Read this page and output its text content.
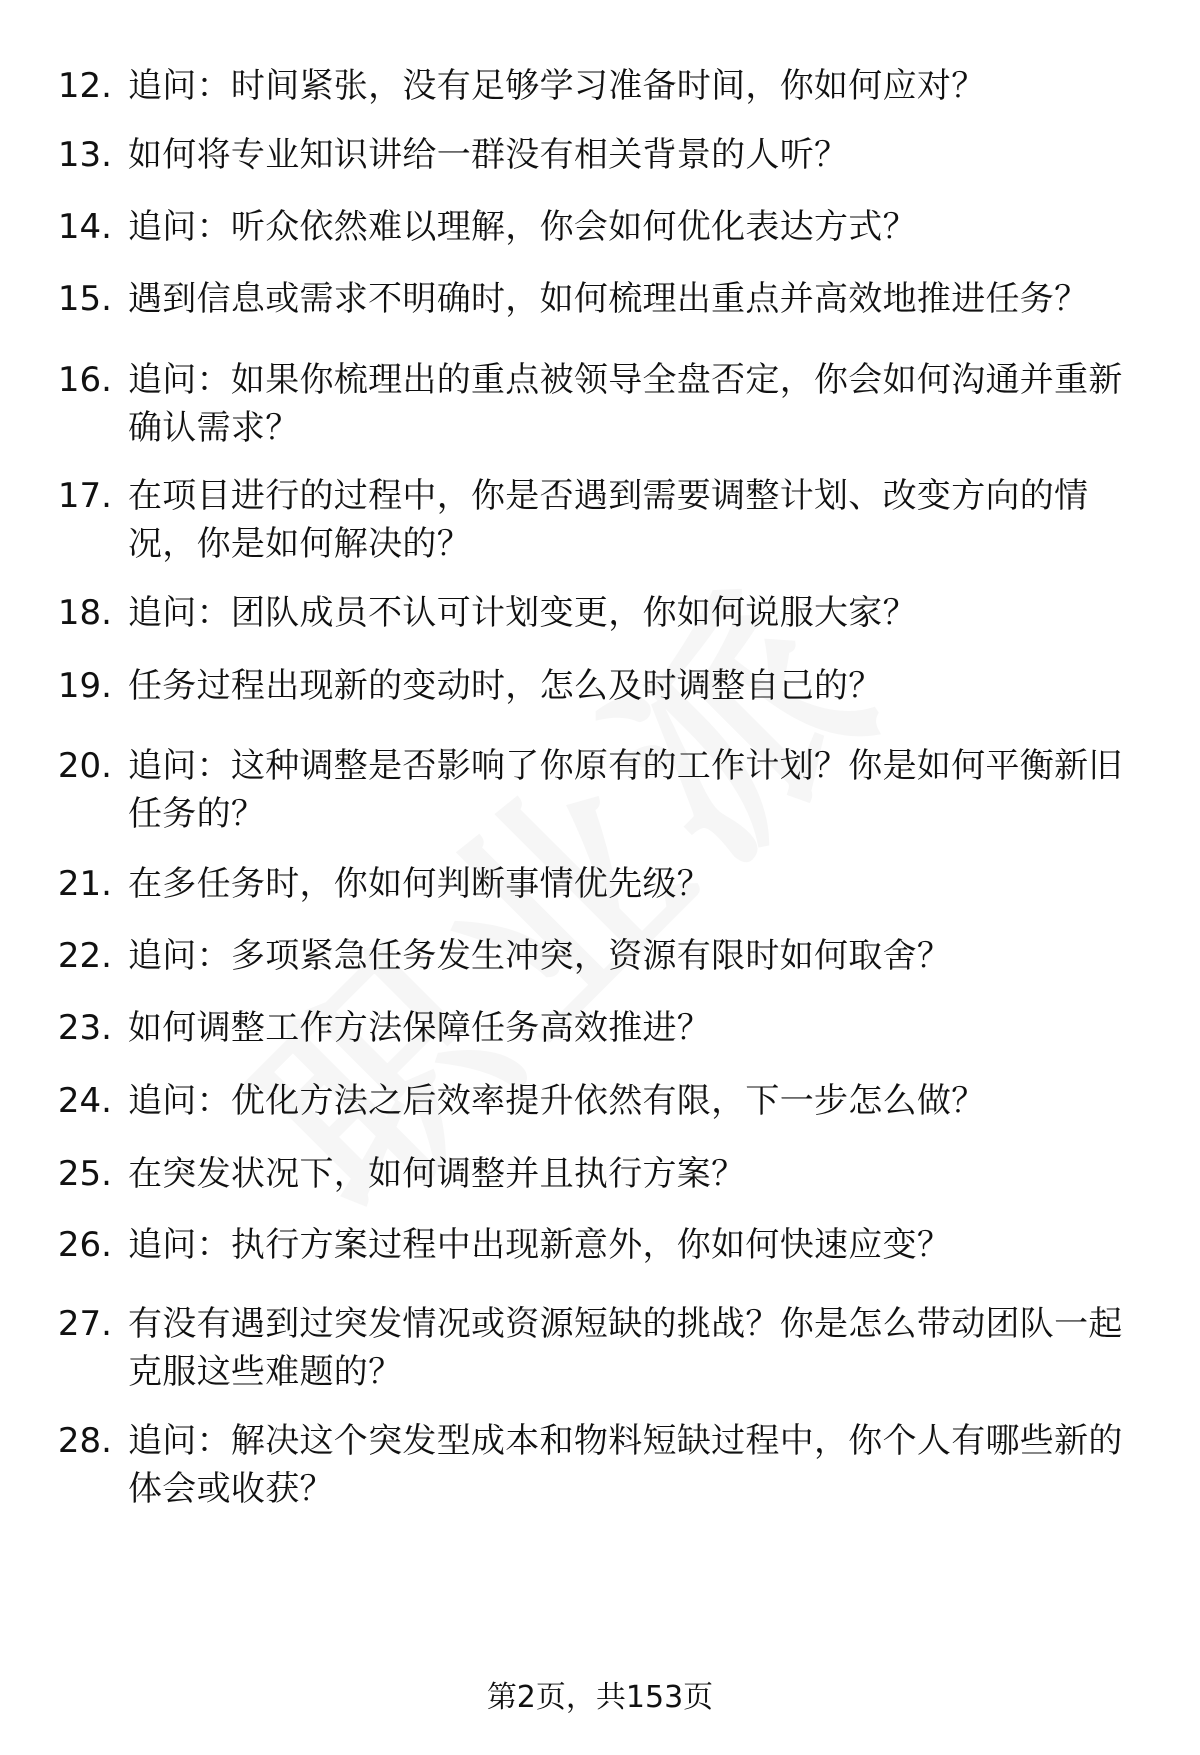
12. 追问：时间紧张，没有足够学习准备时间，你如何应对？
13. 如何将专业知识讲给一群没有相关背景的人听？
14. 追问：听众依然难以理解，你会如何优化表达方式？
15. 遇到信息或需求不明确时，如何梳理出重点并高效地推进任务？
16. 追问：如果你梳理出的重点被领导全盘否定，你会如何沟通并重新确认需求？
17. 在项目进行的过程中，你是否遇到需要调整计划、改变方向的情况，你是如何解决的？
18. 追问：团队成员不认可计划变更，你如何说服大家？
19. 任务过程出现新的变动时，怎么及时调整自己的？
20. 追问：这种调整是否影响了你原有的工作计划？你是如何平衡新旧任务的？
21. 在多任务时，你如何判断事情优先级？
22. 追问：多项紧急任务发生冲突，资源有限时如何取舍？
23. 如何调整工作方法保障任务高效推进？
24. 追问：优化方法之后效率提升依然有限，下一步怎么做？
25. 在突发状况下，如何调整并且执行方案？
26. 追问：执行方案过程中出现新意外，你如何快速应变？
27. 有没有遇到过突发情况或资源短缺的挑战？你是怎么带动团队一起克服这些难题的？
28. 追问：解决这个突发型成本和物料短缺过程中，你个人有哪些新的体会或收获？
第2页，共153页
